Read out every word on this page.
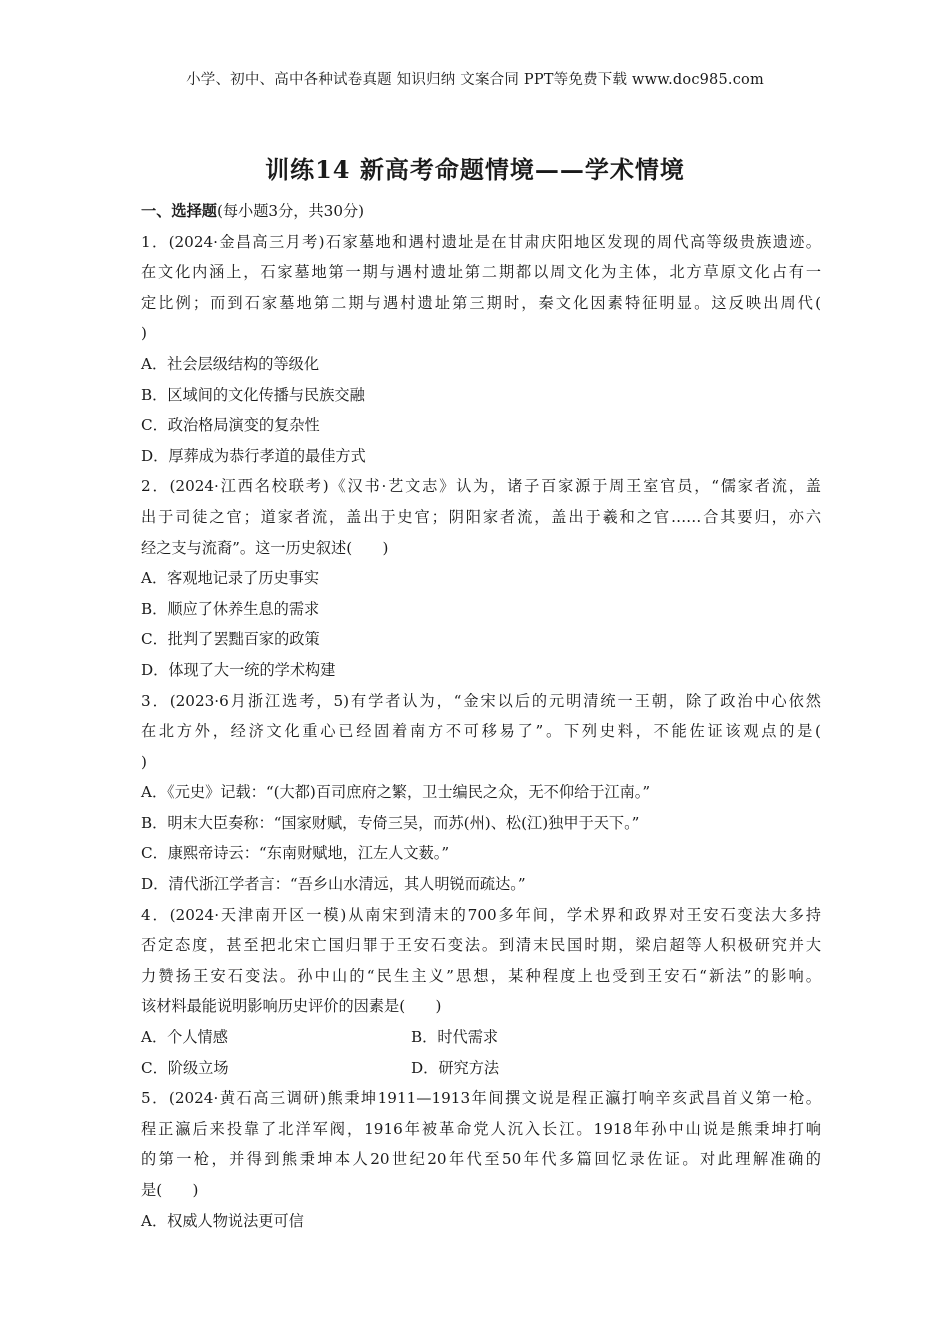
小学、初中、高中各种试卷真题 知识归纳 文案合同 PPT等免费下载 www.doc985.com
训练14 新高考命题情境——学术情境
一、选择题(每小题3分，共30分)
1．(2024·金昌高三月考)石家墓地和遇村遗址是在甘肃庆阳地区发现的周代高等级贵族遗迹。
在文化内涵上，石家墓地第一期与遇村遗址第二期都以周文化为主体，北方草原文化占有一
定比例；而到石家墓地第二期与遇村遗址第三期时，秦文化因素特征明显。这反映出周代(
)
A．社会层级结构的等级化
B．区域间的文化传播与民族交融
C．政治格局演变的复杂性
D．厚葬成为恭行孝道的最佳方式
2．(2024·江西名校联考)《汉书·艺文志》认为，诸子百家源于周王室官员，“儒家者流，盖
出于司徒之官；道家者流，盖出于史官；阴阳家者流，盖出于羲和之官……合其要归，亦六
经之支与流裔”。这一历史叙述(　　)
A．客观地记录了历史事实
B．顺应了休养生息的需求
C．批判了罢黜百家的政策
D．体现了大一统的学术构建
3．(2023·6月浙江选考，5)有学者认为，“金宋以后的元明清统一王朝，除了政治中心依然
在北方外，经济文化重心已经固着南方不可移易了”。下列史料，不能佐证该观点的是(
)
A．《元史》记载：“(大都)百司庶府之繁，卫士编民之众，无不仰给于江南。”
B．明末大臣奏称：“国家财赋，专倚三吴，而苏(州)、松(江)独甲于天下。”
C．康熙帝诗云：“东南财赋地，江左人文薮。”
D．清代浙江学者言：“吾乡山水清远，其人明锐而疏达。”
4．(2024·天津南开区一模)从南宋到清末的700多年间，学术界和政界对王安石变法大多持
否定态度，甚至把北宋亡国归罪于王安石变法。到清末民国时期，梁启超等人积极研究并大
力赞扬王安石变法。孙中山的“民生主义”思想，某种程度上也受到王安石“新法”的影响。
该材料最能说明影响历史评价的因素是(　　)
A．个人情感	B．时代需求
C．阶级立场	D．研究方法
5．(2024·黄石高三调研)熊秉坤1911—1913年间撰文说是程正瀛打响辛亥武昌首义第一枪。
程正瀛后来投靠了北洋军阀，1916年被革命党人沉入长江。1918年孙中山说是熊秉坤打响
的第一枪，并得到熊秉坤本人20世纪20年代至50年代多篇回忆录佐证。对此理解准确的
是(　　)
A．权威人物说法更可信
